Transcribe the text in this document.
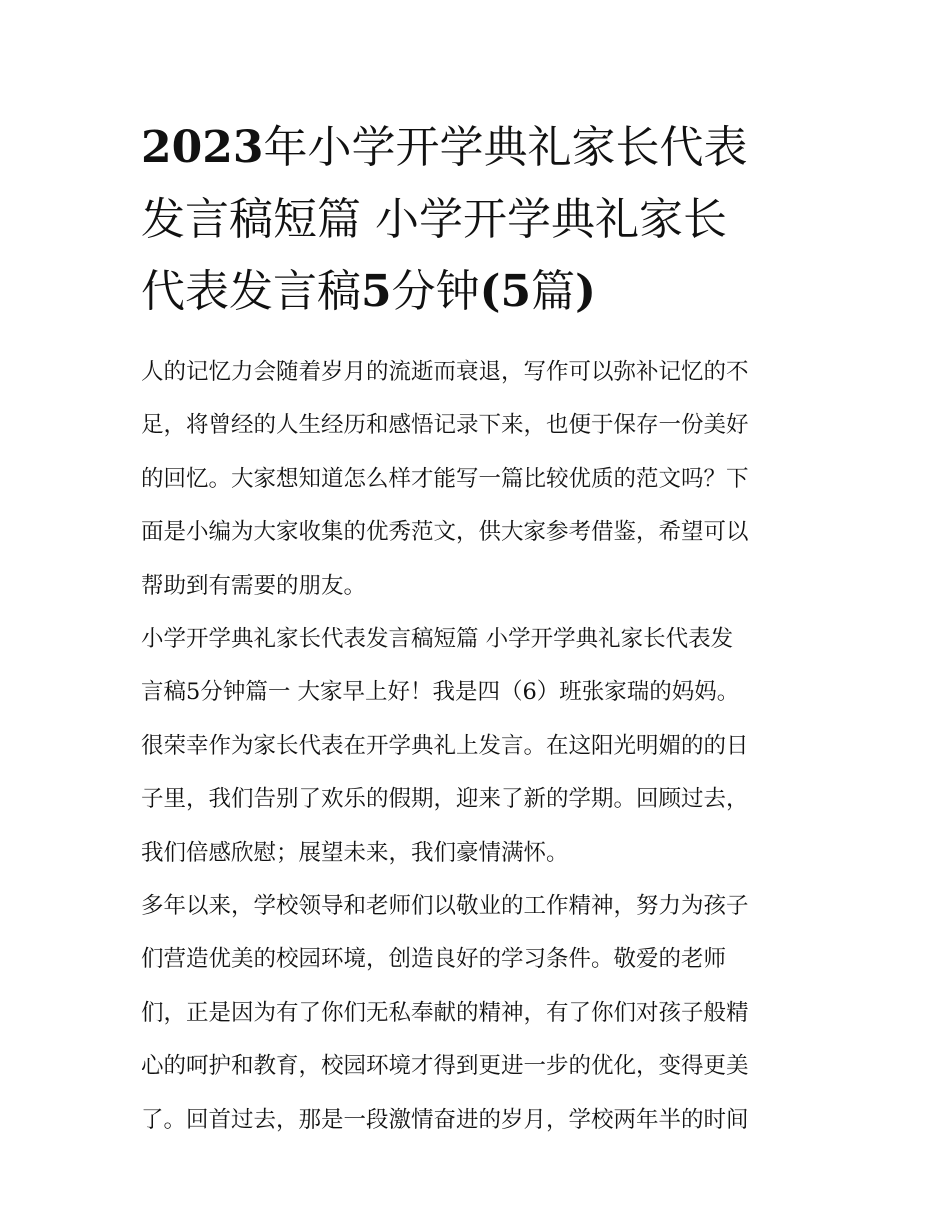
2023年小学开学典礼家长代表
发言稿短篇 小学开学典礼家长
代表发言稿5分钟(5篇)
人的记忆力会随着岁月的流逝而衰退，写作可以弥补记忆的不
足，将曾经的人生经历和感悟记录下来，也便于保存一份美好
的回忆。大家想知道怎么样才能写一篇比较优质的范文吗？下
面是小编为大家收集的优秀范文，供大家参考借鉴，希望可以
帮助到有需要的朋友。
小学开学典礼家长代表发言稿短篇 小学开学典礼家长代表发
言稿5分钟篇一 大家早上好！我是四（6）班张家瑞的妈妈。
很荣幸作为家长代表在开学典礼上发言。在这阳光明媚的的日
子里，我们告别了欢乐的假期，迎来了新的学期。回顾过去，
我们倍感欣慰；展望未来，我们豪情满怀。
多年以来，学校领导和老师们以敬业的工作精神，努力为孩子
们营造优美的校园环境，创造良好的学习条件。敬爱的老师
们，正是因为有了你们无私奉献的精神，有了你们对孩子般精
心的呵护和教育，校园环境才得到更进一步的优化，变得更美
了。回首过去，那是一段激情奋进的岁月，学校两年半的时间
